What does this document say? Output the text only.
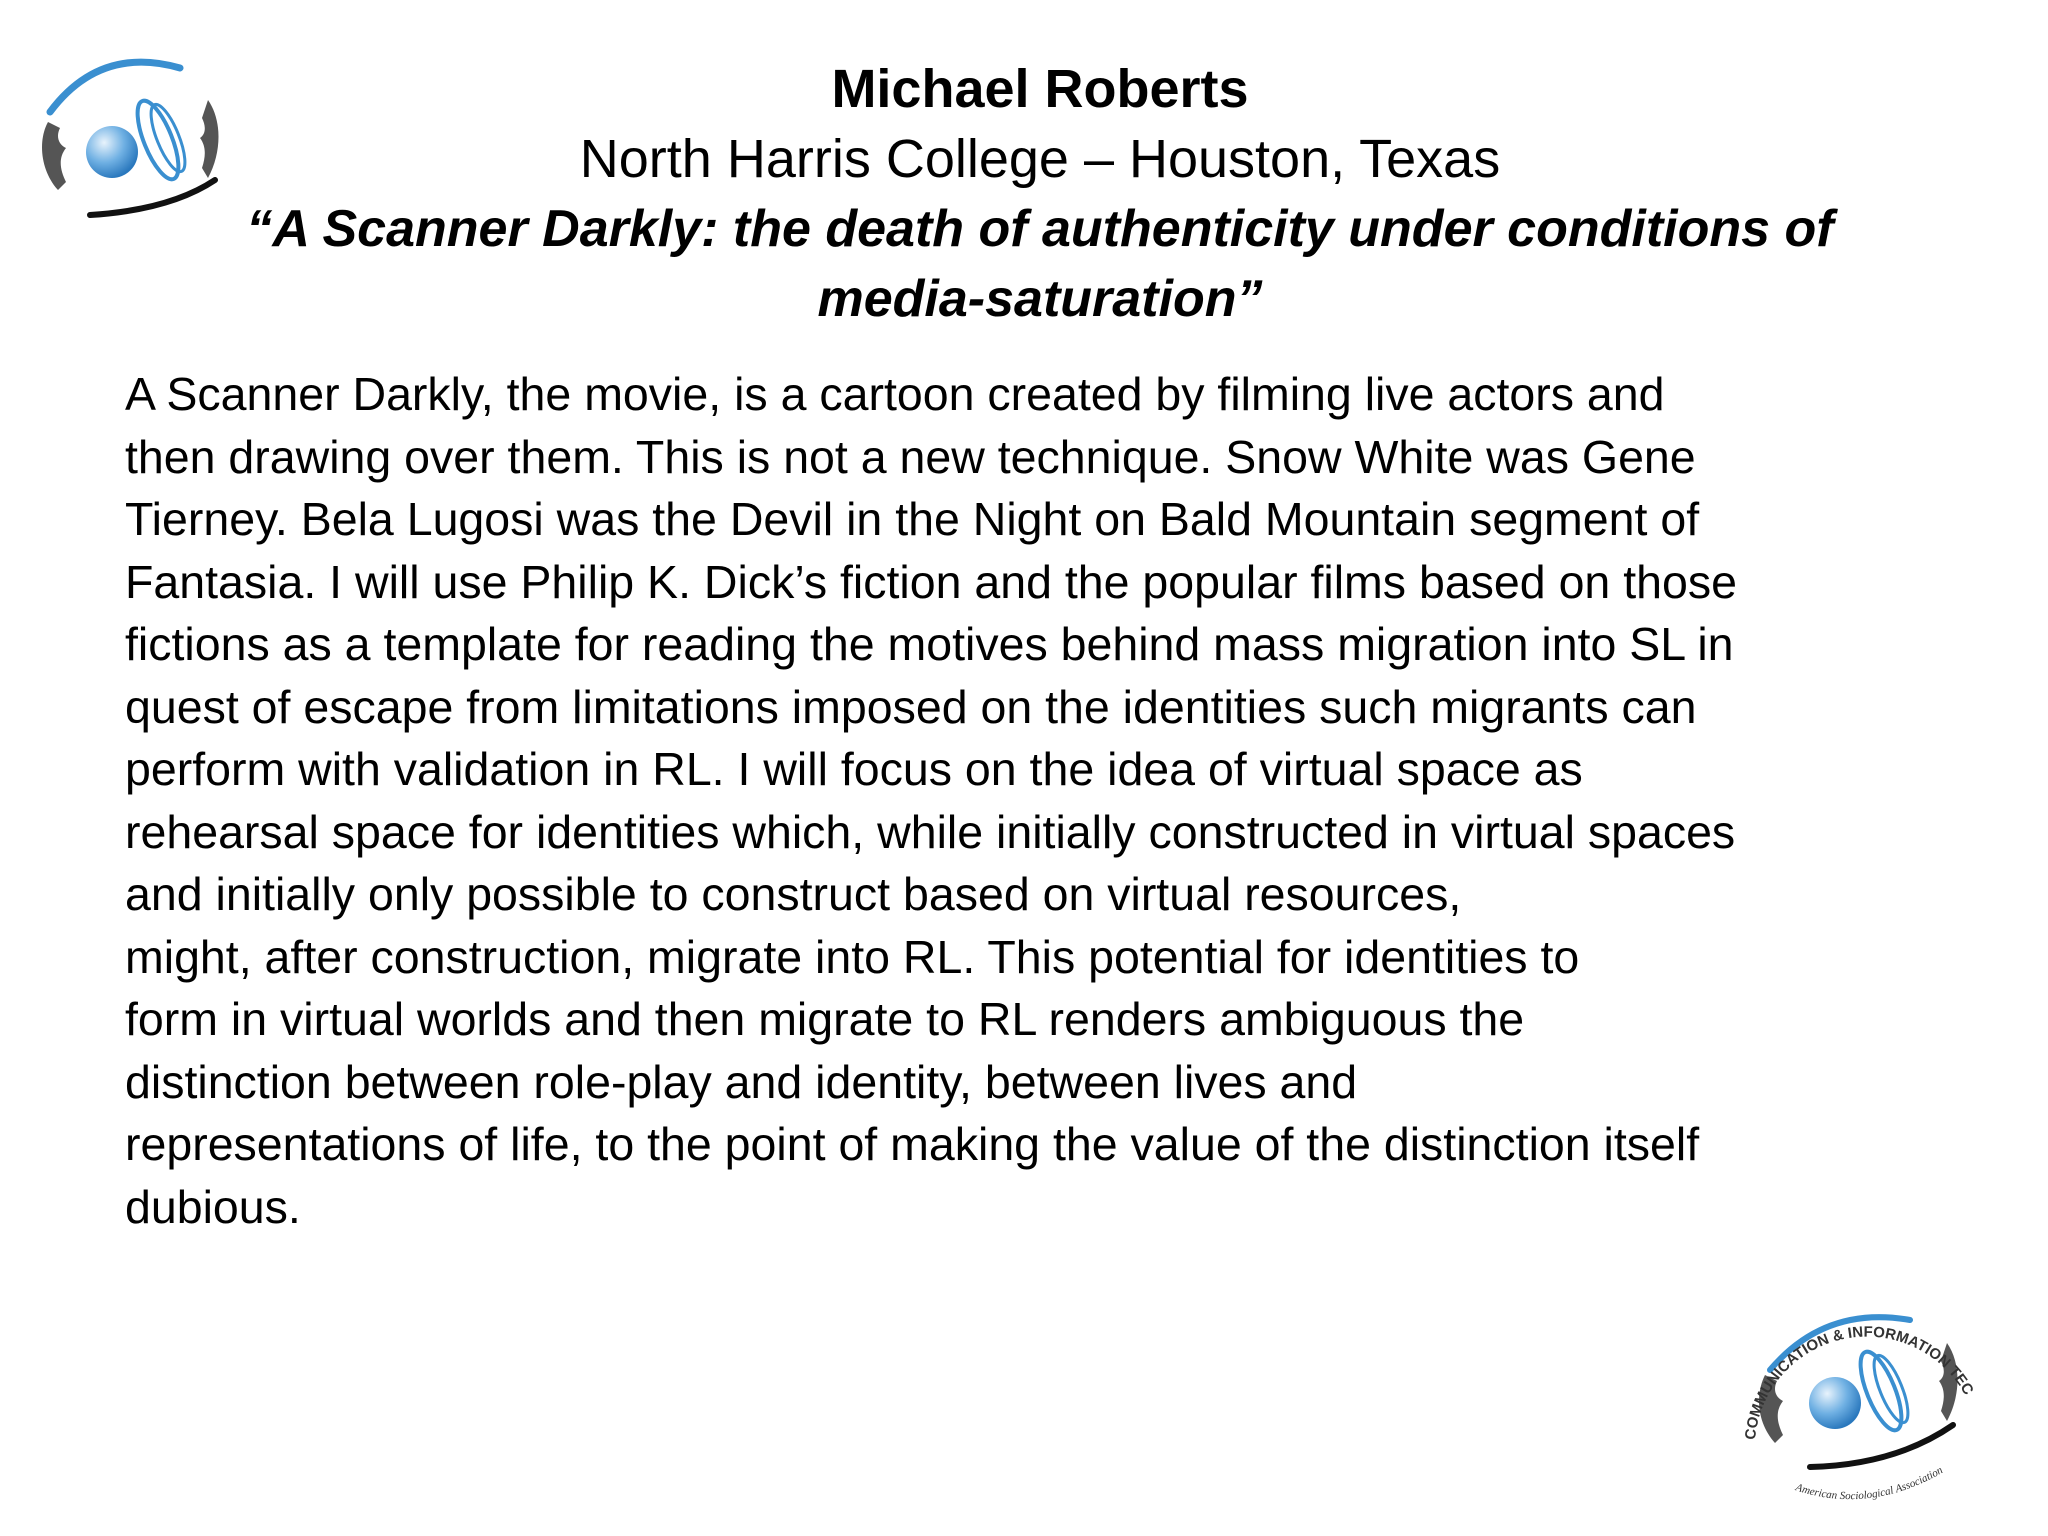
Michael Roberts

North Harris College – Houston, Texas

“A Scanner Darkly: the death of authenticity under conditions of
media-saturation”

A Scanner Darkly, the movie, is a cartoon created by filming live actors and
then drawing over them. This is not a new technique. Snow White was Gene
Tierney. Bela Lugosi was the Devil in the Night on Bald Mountain segment of
Fantasia. I will use Philip K. Dick’s fiction and the popular films based on those
fictions as a template for reading the motives behind mass migration into SL in
quest of escape from limitations imposed on the identities such migrants can
perform with validation in RL. I will focus on the idea of virtual space as
rehearsal space for identities which, while initially constructed in virtual spaces
and initially only possible to construct based on virtual resources,
might, after construction, migrate into RL. This potential for identities to
form in virtual worlds and then migrate to RL renders ambiguous the
distinction between role-play and identity, between lives and
representations of life, to the point of making the value of the distinction itself
dubious.

COMMUNICATION & INFORMATION TEC
American Sociological Association
